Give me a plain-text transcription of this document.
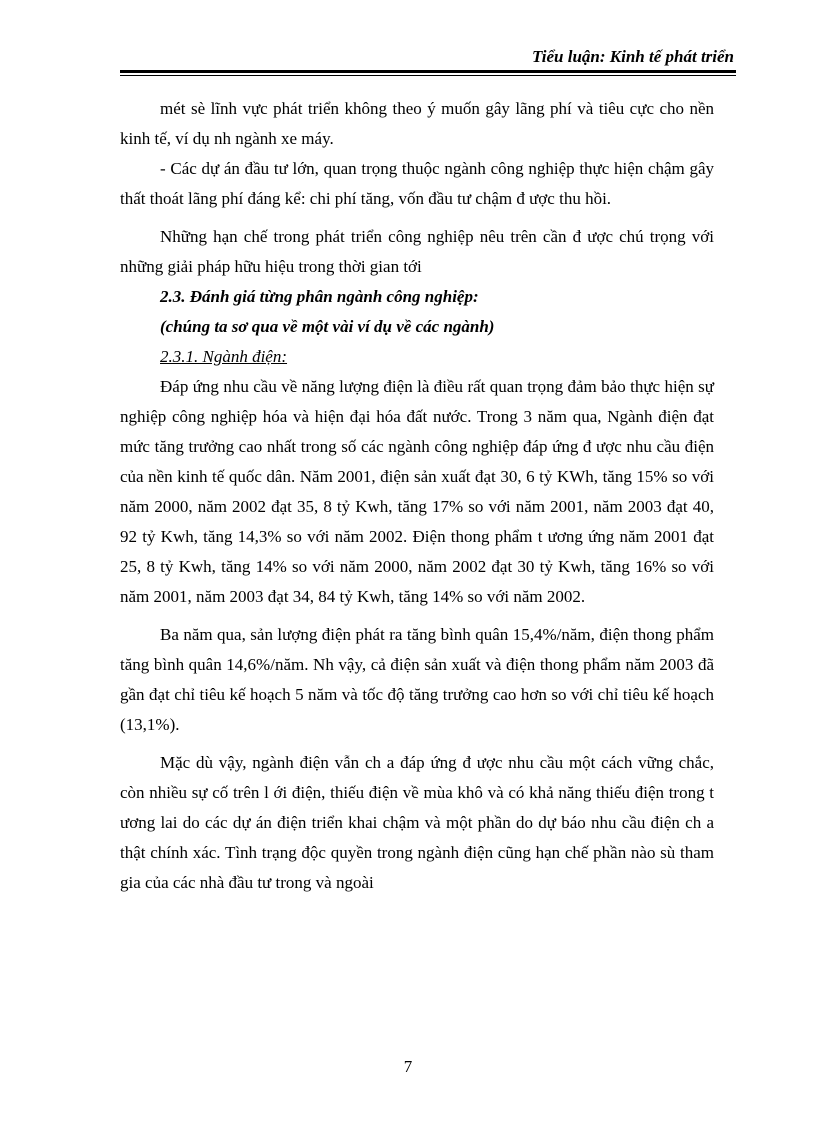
Tiểu luận: Kinh tế phát triển

mét sè lĩnh vực phát triển không theo ý muốn gây lãng phí và tiêu cực cho nền kinh tế, ví dụ nh ngành xe máy.

- Các dự án đầu tư lớn, quan trọng thuộc ngành công nghiệp thực hiện chậm gây thất thoát lãng phí đáng kể: chi phí tăng, vốn đầu tư chậm đ ược thu hồi.

Những hạn chế trong phát triển công nghiệp nêu trên cần đ ược chú trọng với những giải pháp hữu hiệu trong thời gian tới

2.3. Đánh giá từng phân ngành công nghiệp:
(chúng ta sơ qua về một vài ví dụ về các ngành)
2.3.1. Ngành điện:

Đáp ứng nhu cầu về năng lượng điện là điều rất quan trọng đảm bảo thực hiện sự nghiệp công nghiệp hóa và hiện đại hóa đất nước. Trong 3 năm qua, Ngành điện đạt mức tăng trưởng cao nhất trong số các ngành công nghiệp đáp ứng đ ược nhu cầu điện của nền kinh tế quốc dân. Năm 2001, điện sản xuất đạt 30, 6 tỷ KWh, tăng 15% so với năm 2000, năm 2002 đạt 35, 8 tỷ Kwh, tăng 17% so với năm 2001, năm 2003 đạt 40, 92 tỷ Kwh, tăng 14,3% so với năm 2002. Điện thong phẩm t ương ứng năm 2001 đạt 25, 8 tỷ Kwh, tăng 14% so với năm 2000, năm 2002 đạt 30 tỷ Kwh, tăng 16% so với năm 2001, năm 2003 đạt 34, 84 tỷ Kwh, tăng 14% so với năm 2002.

Ba năm qua, sản lượng điện phát ra tăng bình quân 15,4%/năm, điện thong phẩm tăng bình quân 14,6%/năm. Nh vậy, cả điện sản xuất và điện thong phẩm năm 2003 đã gần đạt chỉ tiêu kế hoạch 5 năm và tốc độ tăng trưởng cao hơn so với chỉ tiêu kế hoạch (13,1%).

Mặc dù vậy, ngành điện vẫn ch a đáp ứng đ ược nhu cầu một cách vững chắc, còn nhiều sự cố trên l ới điện, thiếu điện về mùa khô và có khả năng thiếu điện trong t ương lai do các dự án điện triển khai chậm và một phần do dự báo nhu cầu điện ch a thật chính xác. Tình trạng độc quyền trong ngành điện cũng hạn chế phần nào sù tham gia của các nhà đầu tư trong và ngoài

7
